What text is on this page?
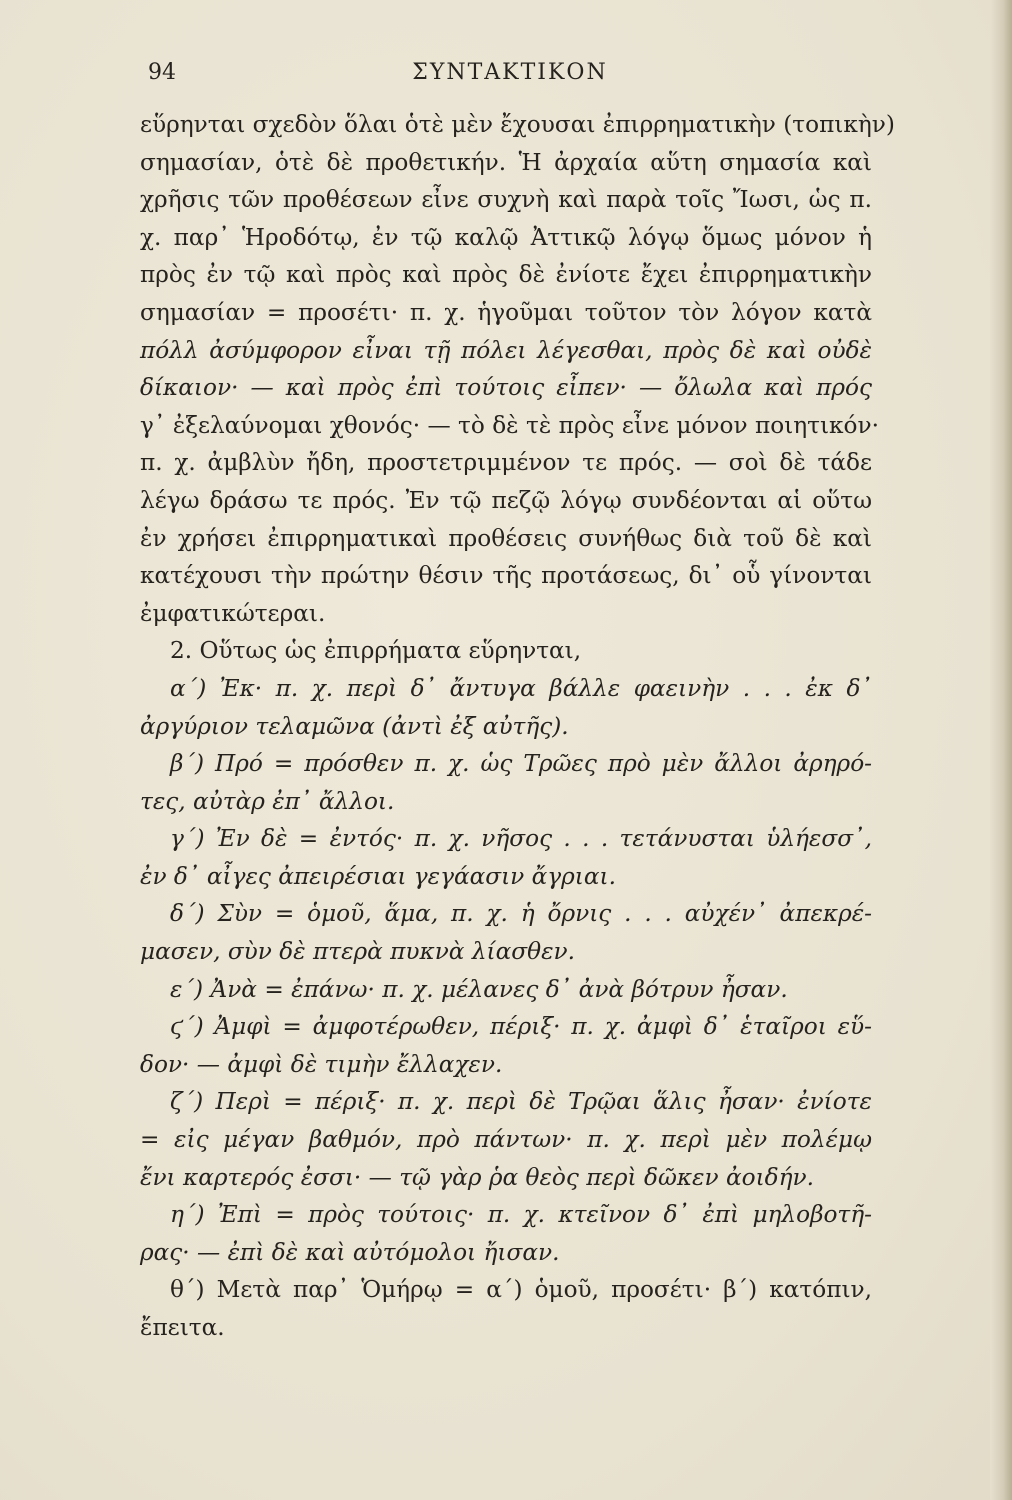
94	ΣΥΝΤΑΚΤΙΚΟΝ
εὕρηνται σχεδὸν ὅλαι ὁτὲ μὲν ἔχουσαι ἐπιρρηματικὴν (τοπικὴν)
σημασίαν, ὁτὲ δὲ προθετικήν. Ἡ ἀρχαία αὕτη σημασία καὶ
χρῆσις τῶν προθέσεων εἶνε συχνὴ καὶ παρὰ τοῖς Ἴωσι, ὡς π.
χ. παρ᾽ Ἡροδότῳ, ἐν τῷ καλῷ Ἀττικῷ λόγῳ ὅμως μόνον ἡ
πρὸς ἐν τῷ καὶ πρὸς καὶ πρὸς δὲ ἐνίοτε ἔχει ἐπιρρηματικὴν
σημασίαν = προσέτι· π. χ. ἡγοῦμαι τοῦτον τὸν λόγον κατὰ
πόλλ ἀσύμφορον εἶναι τῇ πόλει λέγεσθαι, πρὸς δὲ καὶ οὐδὲ
δίκαιον· — καὶ πρὸς ἐπὶ τούτοις εἶπεν· — ὄλωλα καὶ πρός
γ᾽ ἐξελαύνομαι χθονός· — τὸ δὲ τὲ πρὸς εἶνε μόνον ποιητικόν·
π. χ. ἀμβλὺν ἤδη, προστετριμμένον τε πρός. — σοὶ δὲ τάδε
λέγω δράσω τε πρός. Ἐν τῷ πεζῷ λόγῳ συνδέονται αἱ οὕτω
ἐν χρήσει ἐπιρρηματικαὶ προθέσεις συνήθως διὰ τοῦ δὲ καὶ
κατέχουσι τὴν πρώτην θέσιν τῆς προτάσεως, δι᾽ οὗ γίνονται
ἐμφατικώτεραι.
2. Οὕτως ὡς ἐπιρρήματα εὕρηνται,
α΄) Ἐκ· π. χ. περὶ δ᾽ ἄντυγα βάλλε φαεινὴν . . . ἐκ δ᾽
ἀργύριον τελαμῶνα (ἀντὶ ἐξ αὐτῆς).
β΄) Πρό = πρόσθεν π. χ. ὡς Τρῶες πρὸ μὲν ἄλλοι ἀρηρό-
τες, αὐτὰρ ἐπ᾽ ἄλλοι.
γ΄) Ἐν δὲ = ἐντός· π. χ. νῆσος . . . τετάνυσται ὑλήεσσ᾽,
ἐν δ᾽ αἶγες ἀπειρέσιαι γεγάασιν ἄγριαι.
δ΄) Σὺν = ὁμοῦ, ἅμα, π. χ. ἡ ὄρνις . . . αὐχέν᾽ ἀπεκρέ-
μασεν, σὺν δὲ πτερὰ πυκνὰ λίασθεν.
ε΄) Ἀνὰ = ἐπάνω· π. χ. μέλανες δ᾽ ἀνὰ βότρυν ἦσαν.
ϛ΄) Ἀμφὶ = ἀμφοτέρωθεν, πέριξ· π. χ. ἀμφὶ δ᾽ ἑταῖροι εὕ-
δον· — ἀμφὶ δὲ τιμὴν ἔλλαχεν.
ζ΄) Περὶ = πέριξ· π. χ. περὶ δὲ Τρῷαι ἅλις ἦσαν· ἐνίοτε
= εἰς μέγαν βαθμόν, πρὸ πάντων· π. χ. περὶ μὲν πολέμῳ
ἔνι καρτερός ἐσσι· — τῷ γὰρ ῥα θεὸς περὶ δῶκεν ἀοιδήν.
η΄) Ἐπὶ = πρὸς τούτοις· π. χ. κτεῖνον δ᾽ ἐπὶ μηλοβοτῆ-
ρας· — ἐπὶ δὲ καὶ αὐτόμολοι ἤισαν.
θ΄) Μετὰ παρ᾽ Ὁμήρῳ = α΄) ὁμοῦ, προσέτι· β΄) κατόπιν,
ἔπειτα.
